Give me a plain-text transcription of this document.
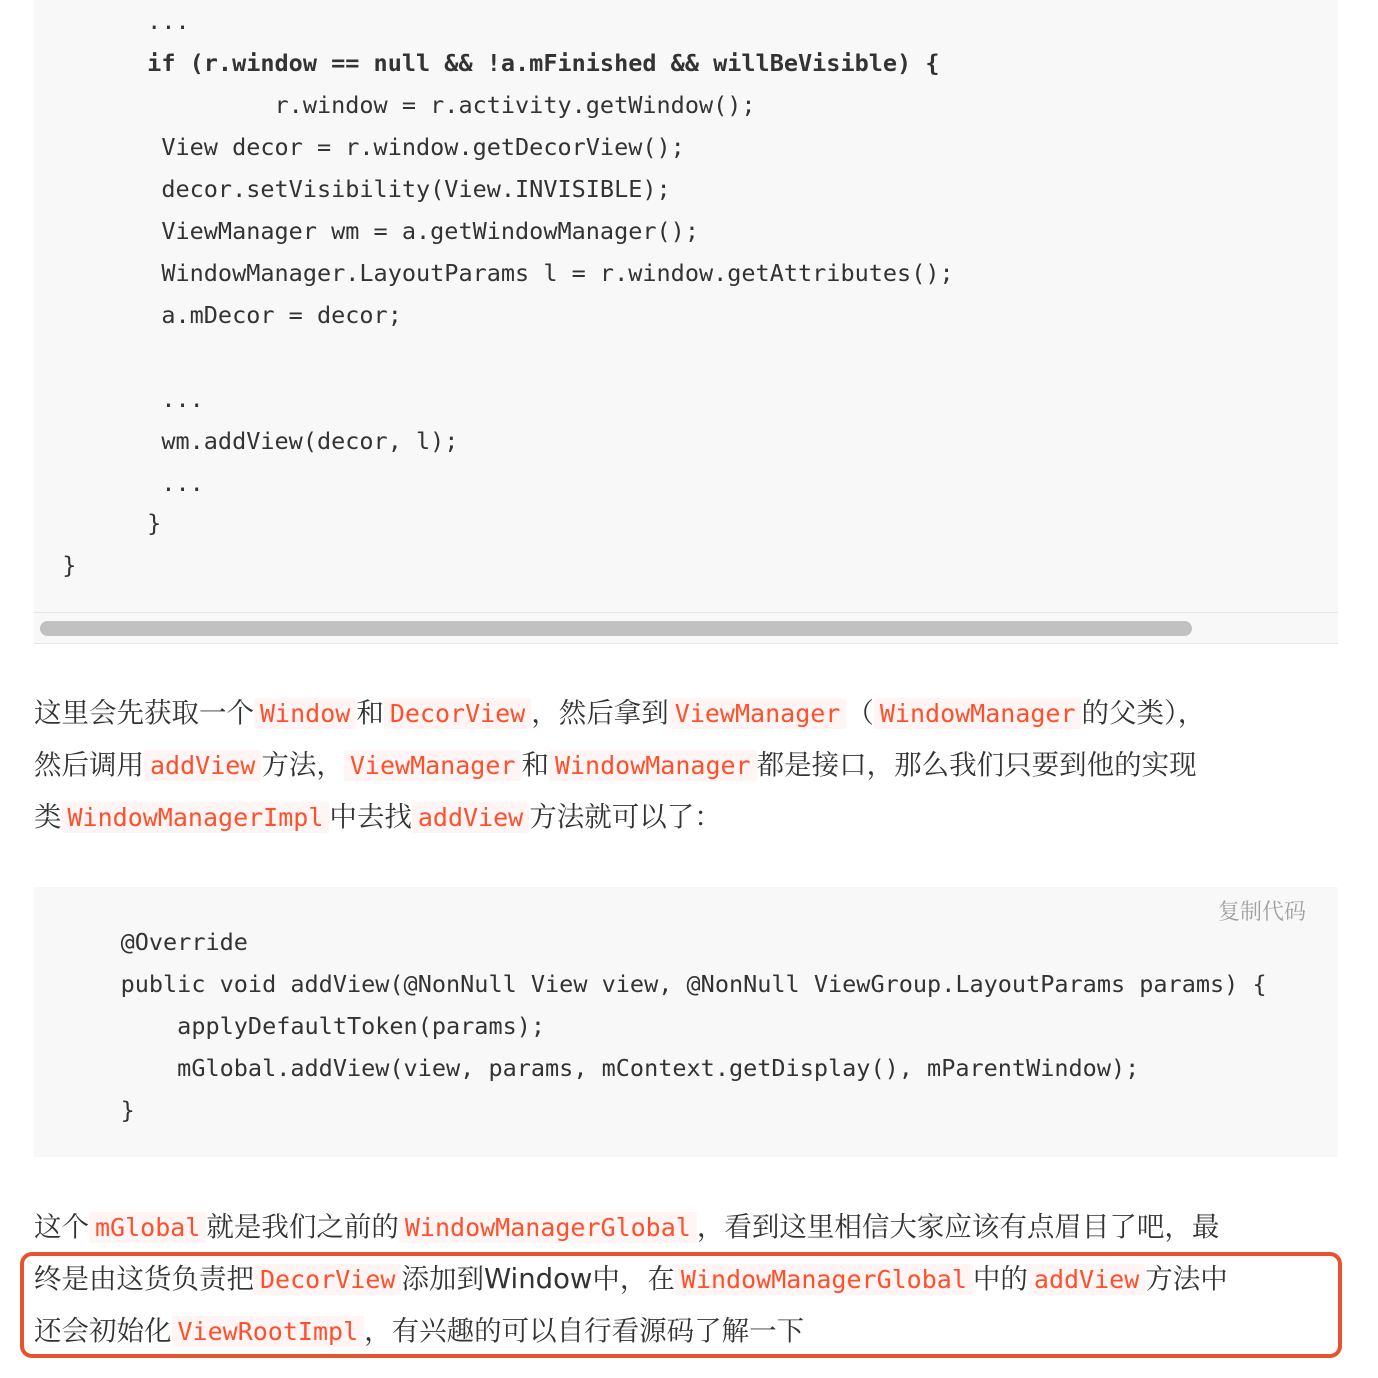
...
if (r.window == null && !a.mFinished && willBeVisible) {
r.window = r.activity.getWindow();
View decor = r.window.getDecorView();
decor.setVisibility(View.INVISIBLE);
ViewManager wm = a.getWindowManager();
WindowManager.LayoutParams l = r.window.getAttributes();
a.mDecor = decor;
...
wm.addView(decor, l);
...
}
}
这里会先获取一个 Window 和 DecorView ，然后拿到 ViewManager （ WindowManager 的父类），
然后调用 addView 方法， ViewManager 和 WindowManager 都是接口，那么我们只要到他的实现
类 WindowManagerImpl 中去找 addView 方法就可以了：
复制代码
@Override
public void addView(@NonNull View view, @NonNull ViewGroup.LayoutParams params) {
applyDefaultToken(params);
mGlobal.addView(view, params, mContext.getDisplay(), mParentWindow);
}
这个 mGlobal 就是我们之前的 WindowManagerGlobal ，看到这里相信大家应该有点眉目了吧，最
终是由这货负责把 DecorView 添加到Window中，在 WindowManagerGlobal 中的 addView 方法中
还会初始化 ViewRootImpl ，有兴趣的可以自行看源码了解一下
